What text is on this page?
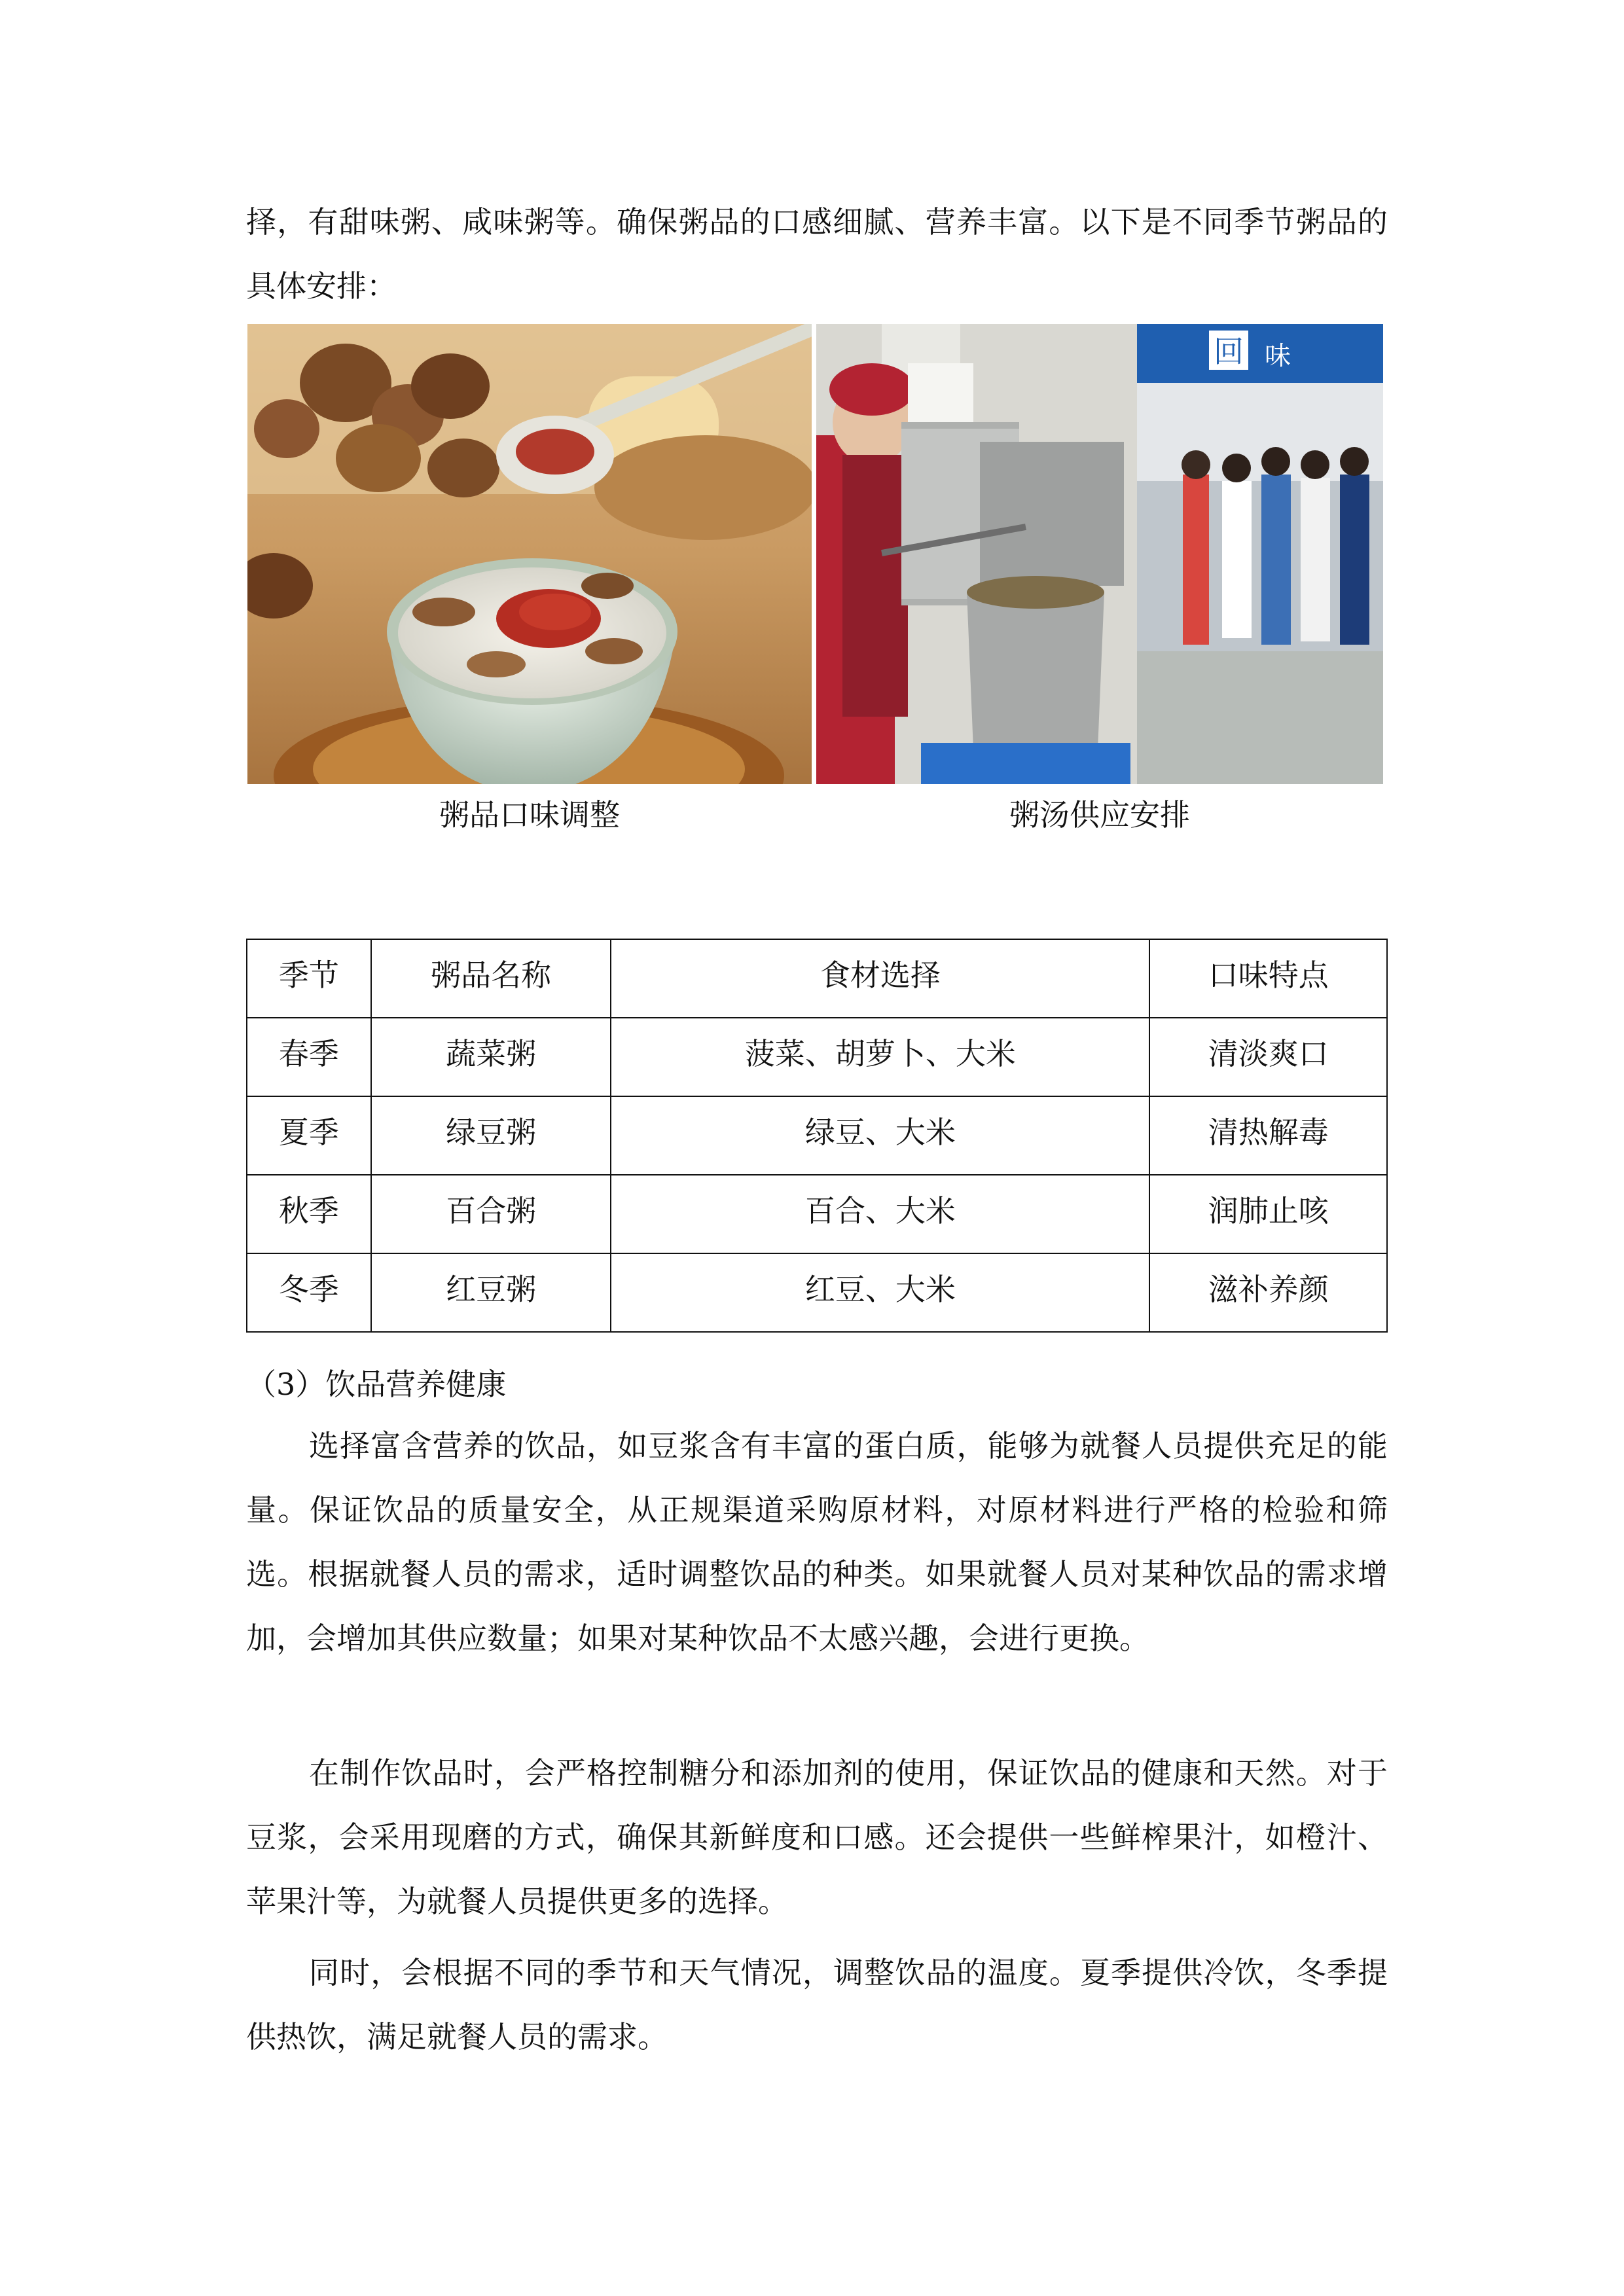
择，有甜味粥、咸味粥等。确保粥品的口感细腻、营养丰富。以下是不同季节粥品的具体安排：

回 味
粥品口味调整	粥汤供应安排
季节	粥品名称	食材选择	口味特点
春季	蔬菜粥	菠菜、胡萝卜、大米	清淡爽口
夏季	绿豆粥	绿豆、大米	清热解毒
秋季	百合粥	百合、大米	润肺止咳
冬季	红豆粥	红豆、大米	滋补养颜

（3）饮品营养健康

选择富含营养的饮品，如豆浆含有丰富的蛋白质，能够为就餐人员提供充足的能量。保证饮品的质量安全，从正规渠道采购原材料，对原材料进行严格的检验和筛选。根据就餐人员的需求，适时调整饮品的种类。如果就餐人员对某种饮品的需求增加，会增加其供应数量；如果对某种饮品不太感兴趣，会进行更换。

在制作饮品时，会严格控制糖分和添加剂的使用，保证饮品的健康和天然。对于豆浆，会采用现磨的方式，确保其新鲜度和口感。还会提供一些鲜榨果汁，如橙汁、苹果汁等，为就餐人员提供更多的选择。

同时，会根据不同的季节和天气情况，调整饮品的温度。夏季提供冷饮，冬季提供热饮，满足就餐人员的需求。
